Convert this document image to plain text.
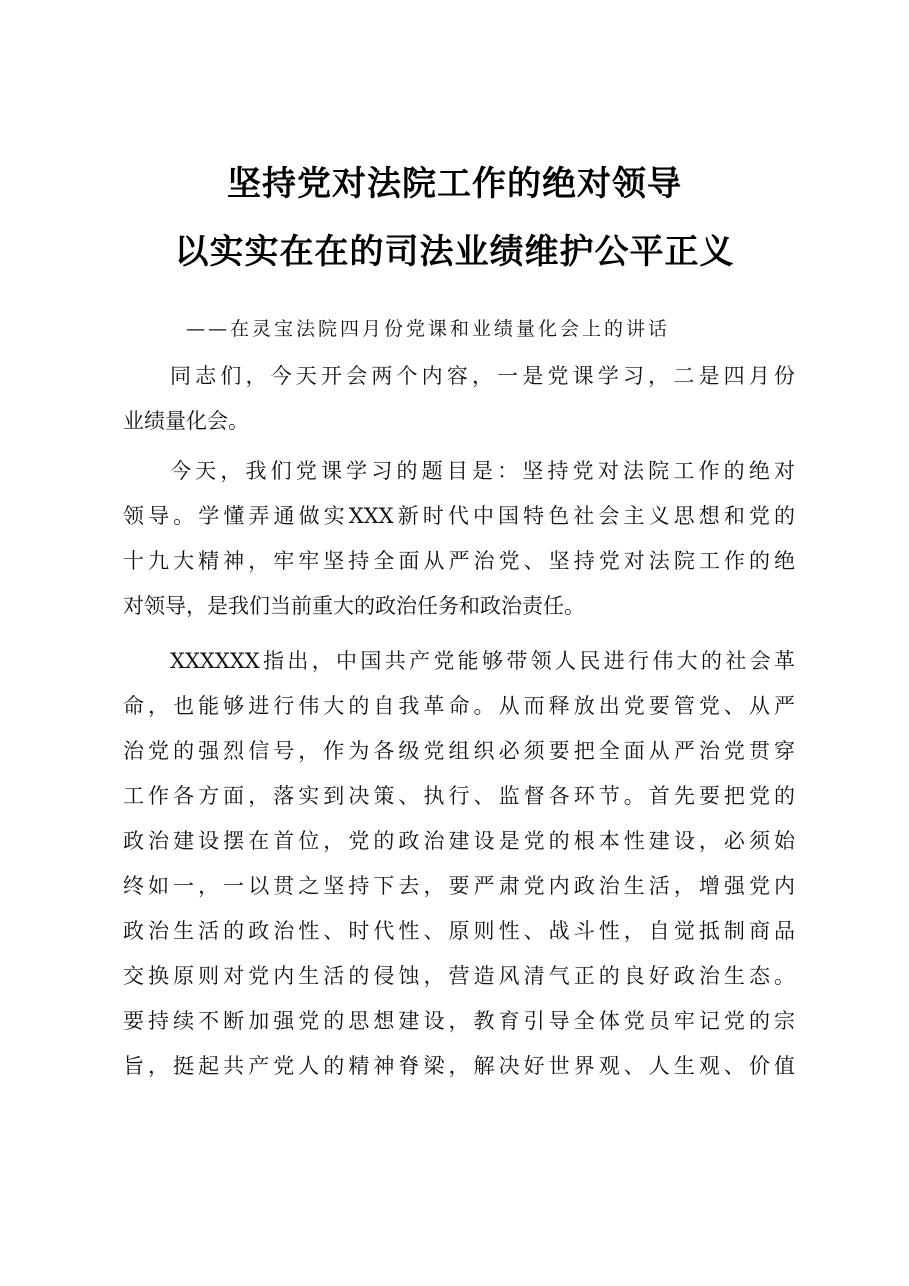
坚持党对法院工作的绝对领导
以实实在在的司法业绩维护公平正义
——在灵宝法院四月份党课和业绩量化会上的讲话
同志们，今天开会两个内容，一是党课学习，二是四月份
业绩量化会。
今天，我们党课学习的题目是：坚持党对法院工作的绝对
领导。学懂弄通做实XXX新时代中国特色社会主义思想和党的
十九大精神，牢牢坚持全面从严治党、坚持党对法院工作的绝
对领导，是我们当前重大的政治任务和政治责任。
XXXXXX指出，中国共产党能够带领人民进行伟大的社会革
命，也能够进行伟大的自我革命。从而释放出党要管党、从严
治党的强烈信号，作为各级党组织必须要把全面从严治党贯穿
工作各方面，落实到决策、执行、监督各环节。首先要把党的
政治建设摆在首位，党的政治建设是党的根本性建设，必须始
终如一，一以贯之坚持下去，要严肃党内政治生活，增强党内
政治生活的政治性、时代性、原则性、战斗性，自觉抵制商品
交换原则对党内生活的侵蚀，营造风清气正的良好政治生态。
要持续不断加强党的思想建设，教育引导全体党员牢记党的宗
旨，挺起共产党人的精神脊梁，解决好世界观、人生观、价值
